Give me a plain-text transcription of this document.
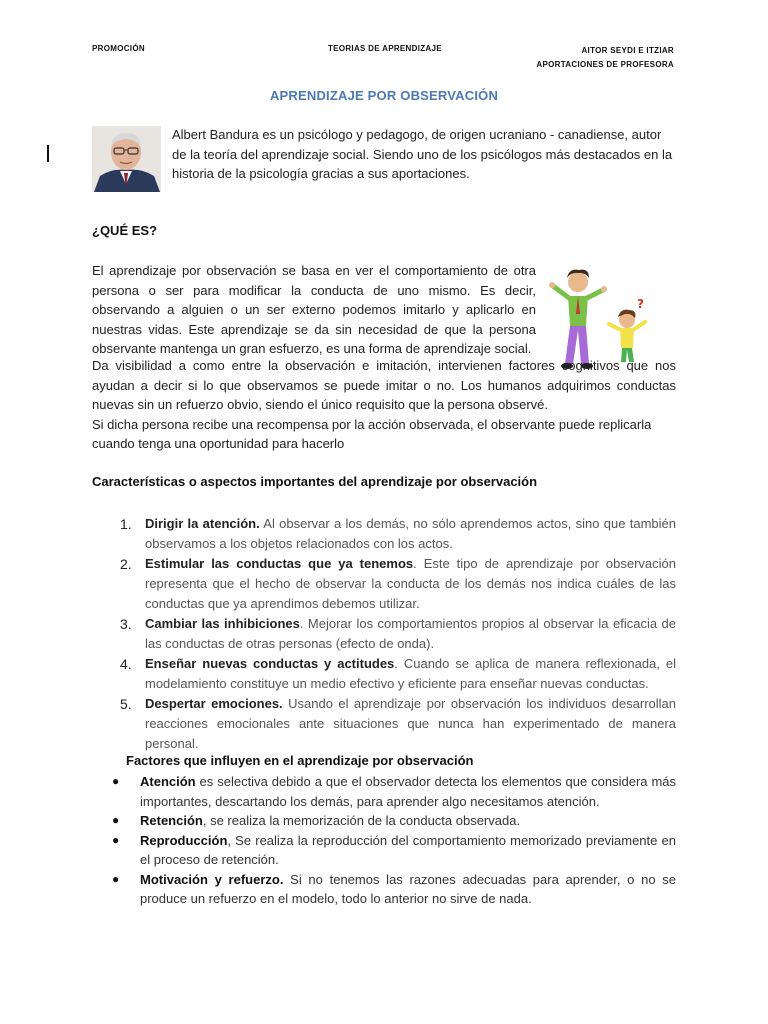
PROMOCIÓN	TEORIAS DE APRENDIZAJE	AITOR SEYDI E ITZIAR
APORTACIONES DE PROFESORA
APRENDIZAJE POR OBSERVACIÓN
Albert Bandura es un psicólogo y pedagogo, de origen ucraniano - canadiense, autor de la teoría del aprendizaje social. Siendo uno de los psicólogos más destacados en la historia de la psicología gracias a sus aportaciones.
¿QUÉ ES?
El aprendizaje por observación se basa en ver el comportamiento de otra persona o ser para modificar la conducta de uno mismo. Es decir, observando a alguien o un ser externo podemos imitarlo y aplicarlo en nuestras vidas. Este aprendizaje se da sin necesidad de que la persona observante mantenga un gran esfuerzo, es una forma de aprendizaje social.
?
Da visibilidad a como entre la observación e imitación, intervienen factores cognitivos que nos ayudan a decir si lo que observamos se puede imitar o no. Los humanos adquirimos conductas nuevas sin un refuerzo obvio, siendo el único requisito que la persona observé.
Si dicha persona recibe una recompensa por la acción observada, el observante puede replicarla cuando tenga una oportunidad para hacerlo
Características o aspectos importantes del aprendizaje por observación
1. Dirigir la atención. Al observar a los demás, no sólo aprendemos actos, sino que también observamos a los objetos relacionados con los actos.
2. Estimular las conductas que ya tenemos. Este tipo de aprendizaje por observación representa que el hecho de observar la conducta de los demás nos indica cuáles de las conductas que ya aprendimos debemos utilizar.
3. Cambiar las inhibiciones. Mejorar los comportamientos propios al observar la eficacia de las conductas de otras personas (efecto de onda).
4. Enseñar nuevas conductas y actitudes. Cuando se aplica de manera reflexionada, el modelamiento constituye un medio efectivo y eficiente para enseñar nuevas conductas.
5. Despertar emociones. Usando el aprendizaje por observación los individuos desarrollan reacciones emocionales ante situaciones que nunca han experimentado de manera personal.
Factores que influyen en el aprendizaje por observación
● Atención es selectiva debido a que el observador detecta los elementos que considera más importantes, descartando los demás, para aprender algo necesitamos atención.
● Retención, se realiza la memorización de la conducta observada.
● Reproducción, Se realiza la reproducción del comportamiento memorizado previamente en el proceso de retención.
● Motivación y refuerzo. Si no tenemos las razones adecuadas para aprender, o no se produce un refuerzo en el modelo, todo lo anterior no sirve de nada.
